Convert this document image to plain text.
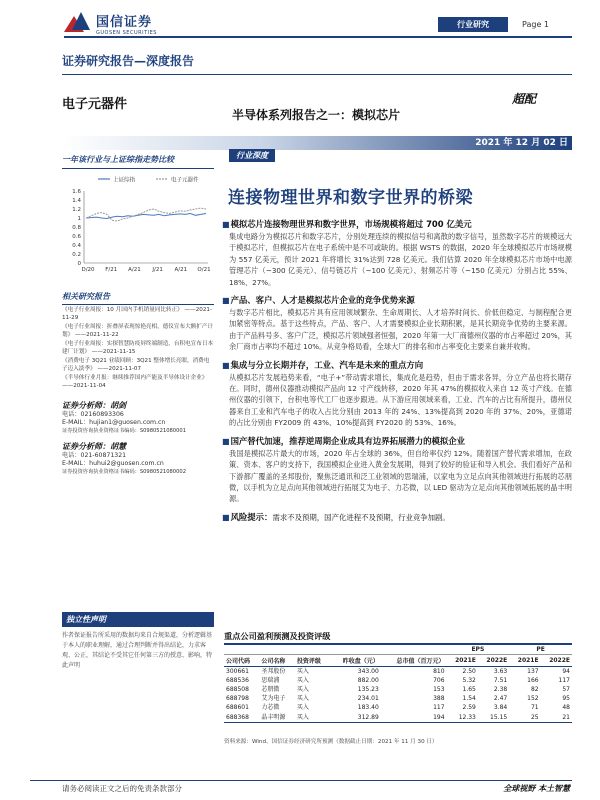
国信证券
GUOSEN SECURITIES
行业研究	Page 1
证券研究报告—深度报告
电子元器件
半导体系列报告之一：模拟芯片
超配
2021 年 12 月 02 日
一年该行业与上证综指走势比较
上证综指	电子元器件
0
0.2
0.4
0.6
0.8
1
1.2
1.4
1.6
D/20 F/21 A/21 J/21 A/21 O/21
相关研究报告
《电子行业周报：10 月国内手机销量同比转正》 ——2021-11-29
《电子行业周报：折叠屏表现惊艳亮相，德仪宣布大额扩产计划》 ——2021-11-22
《电子行业周报：实探智慧防疫屏终端制造，台积电宣布日本建厂计划》 ——2021-11-15
《消费电子 3Q21 业绩回顾：3Q21 整体增长亮眼，消费电子迈入淡季》 ——2021-11-07
《半导体行业月报：继续推荐国内产能及半导体设计企业》 ——2021-11-04
证券分析师：胡剑
电话：02160893306
E-MAIL：hujian1@guosen.com.cn
证券投资咨询执业资格证书编码：S0980521080001
证券分析师：胡慧
电话：021-60871321
E-MAIL：huhui2@guosen.com.cn
证券投资咨询执业资格证书编码：S0980521080002
独立性声明
作者保证报告所采用的数据均来自合规渠道，分析逻辑基于本人的职业理解，通过合理判断并得出结论，力求客观、公正，其结论不受其它任何第三方的授意、影响，特此声明
行业深度
连接物理世界和数字世界的桥梁
■模拟芯片连接物理世界和数字世界，市场规模将超过 700 亿美元
集成电路分为模拟芯片和数字芯片，分别处理连续的模拟信号和离散的数字信号，虽然数字芯片的规模远大于模拟芯片，但模拟芯片在电子系统中是不可或缺的。根据 WSTS 的数据，2020 年全球模拟芯片市场规模为 557 亿美元，预计 2021 年将增长 31%达到 728 亿美元。我们估算 2020 年全球模拟芯片市场中电源管理芯片（~300 亿美元）、信号链芯片（~100 亿美元）、射频芯片等（~150 亿美元）分别占比 55%、18%、27%。
■产品、客户、人才是模拟芯片企业的竞争优势来源
与数字芯片相比，模拟芯片具有应用领域繁杂、生命周期长、人才培养时间长、价低但稳定、与制程配合更加紧密等特点。基于这些特点，产品、客户、人才需要模拟企业长期积累，是其长期竞争优势的主要来源。由于产品料号多、客户广泛，模拟芯片领域强者恒强，2020 年第一大厂商德州仪器的市占率超过 20%，其余厂商市占率均不超过 10%。从竞争格局看，全球大厂的排名和市占率变化主要来自兼并收购。
■集成与分立长期并存，工业、汽车是未来的重点方向
从模拟芯片发展趋势来看，“电子+”带动需求增长，集成化是趋势，但由于需求各异，分立产品也将长期存在。同时，德州仪器推动模拟产品向 12 寸产线转移，2020 年其 47%的模拟收入来自 12 英寸产线。在德州仪器的引领下，台积电等代工厂也逐步跟进。从下游应用领域来看，工业、汽车的占比有所提升，德州仪器来自工业和汽车电子的收入占比分别由 2013 年的 24%、13%提高到 2020 年的 37%、20%，亚德诺的占比分别由 FY2009 的 43%、10%提高到 FY2020 的 53%、16%。
■国产替代加速，推荐逆周期企业成具有边界拓展潜力的模拟企业
我国是模拟芯片最大的市场，2020 年占全球的 36%，但自给率仅约 12%。随着国产替代需求增加，在政策、资本、客户的支持下，我国模拟企业进入黄金发展期，得到了较好的验证和导入机会。我们看好产品和下游都广覆盖的圣邦股份，聚焦泛通讯和泛工业领域的思瑞浦，以家电为立足点向其他领域进行拓展的芯朋微，以手机为立足点向其他领域进行拓展艾为电子、力芯微，以 LED 驱动为立足点向其他领域拓展的晶丰明源。
■风险提示：需求不及预期，国产化进程不及预期，行业竞争加剧。
重点公司盈利预测及投资评级
					EPS		PE	
公司代码	公司名称	投资评级	昨收盘（元）	总市值（百万元）	2021E	2022E	2021E	2022E
300661	圣邦股份	买入	343.00	810	2.50	3.63	137	94
688536	思瑞浦	买入	882.00	706	5.32	7.51	166	117
688508	芯朋微	买入	135.23	153	1.65	2.38	82	57
688798	艾为电子	买入	234.01	388	1.54	2.47	152	95
688601	力芯微	买入	183.40	117	2.59	3.84	71	48
688368	晶丰明源	买入	312.89	194	12.33	15.15	25	21
资料来源：Wind、国信证券经济研究所预测（数据截止日期：2021 年 11 月 30 日）
请务必阅读正文之后的免责条款部分	全球视野 本土智慧
